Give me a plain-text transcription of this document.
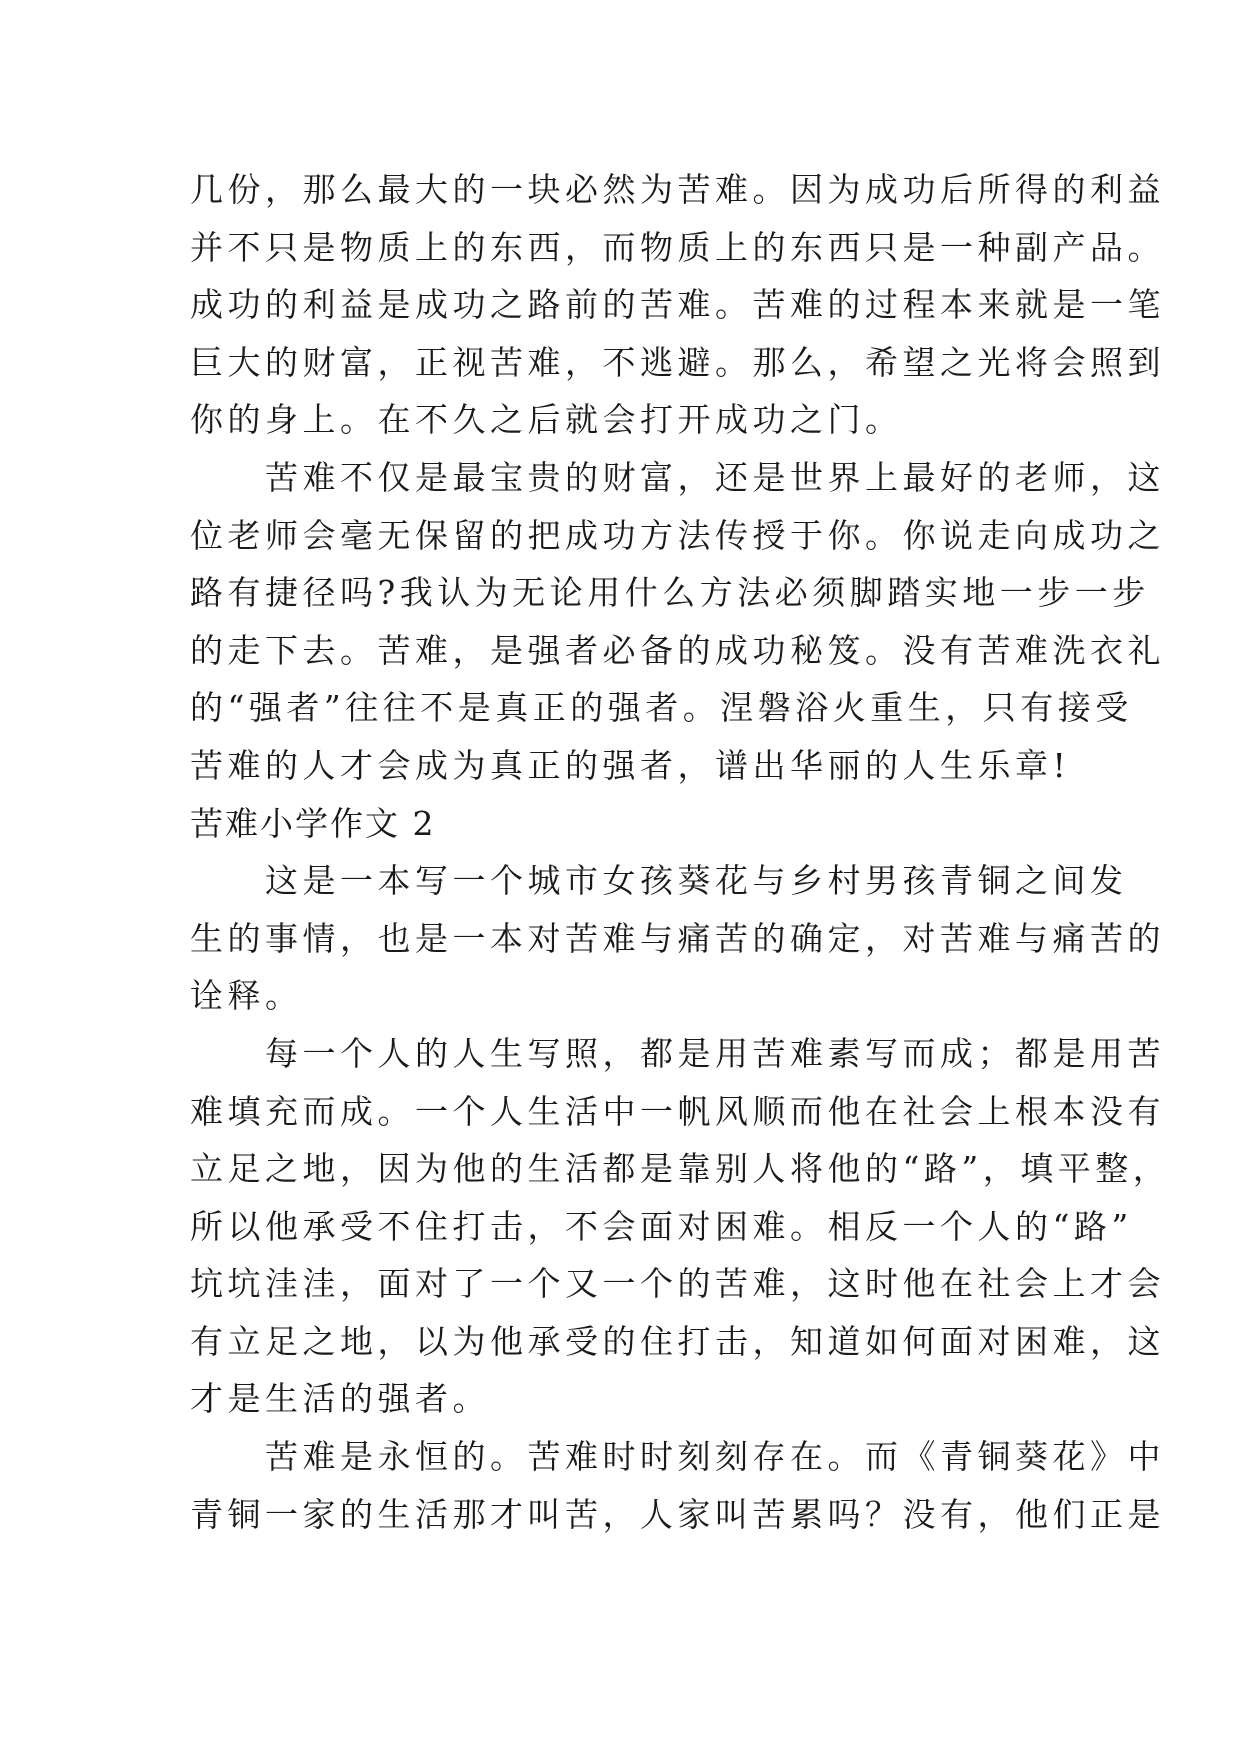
几份，那么最大的一块必然为苦难。因为成功后所得的利益
并不只是物质上的东西，而物质上的东西只是一种副产品。
成功的利益是成功之路前的苦难。苦难的过程本来就是一笔
巨大的财富，正视苦难，不逃避。那么，希望之光将会照到
你的身上。在不久之后就会打开成功之门。
　　苦难不仅是最宝贵的财富，还是世界上最好的老师，这
位老师会毫无保留的把成功方法传授于你。你说走向成功之
路有捷径吗?我认为无论用什么方法必须脚踏实地一步一步
的走下去。苦难，是强者必备的成功秘笈。没有苦难洗衣礼
的“强者”往往不是真正的强者。涅磐浴火重生，只有接受
苦难的人才会成为真正的强者，谱出华丽的人生乐章!
苦难小学作文 2
　　这是一本写一个城市女孩葵花与乡村男孩青铜之间发
生的事情，也是一本对苦难与痛苦的确定，对苦难与痛苦的
诠释。
　　每一个人的人生写照，都是用苦难素写而成；都是用苦
难填充而成。一个人生活中一帆风顺而他在社会上根本没有
立足之地，因为他的生活都是靠别人将他的“路”，填平整，
所以他承受不住打击，不会面对困难。相反一个人的“路”
坑坑洼洼，面对了一个又一个的苦难，这时他在社会上才会
有立足之地，以为他承受的住打击，知道如何面对困难，这
才是生活的强者。
　　苦难是永恒的。苦难时时刻刻存在。而《青铜葵花》中
青铜一家的生活那才叫苦，人家叫苦累吗？没有，他们正是
